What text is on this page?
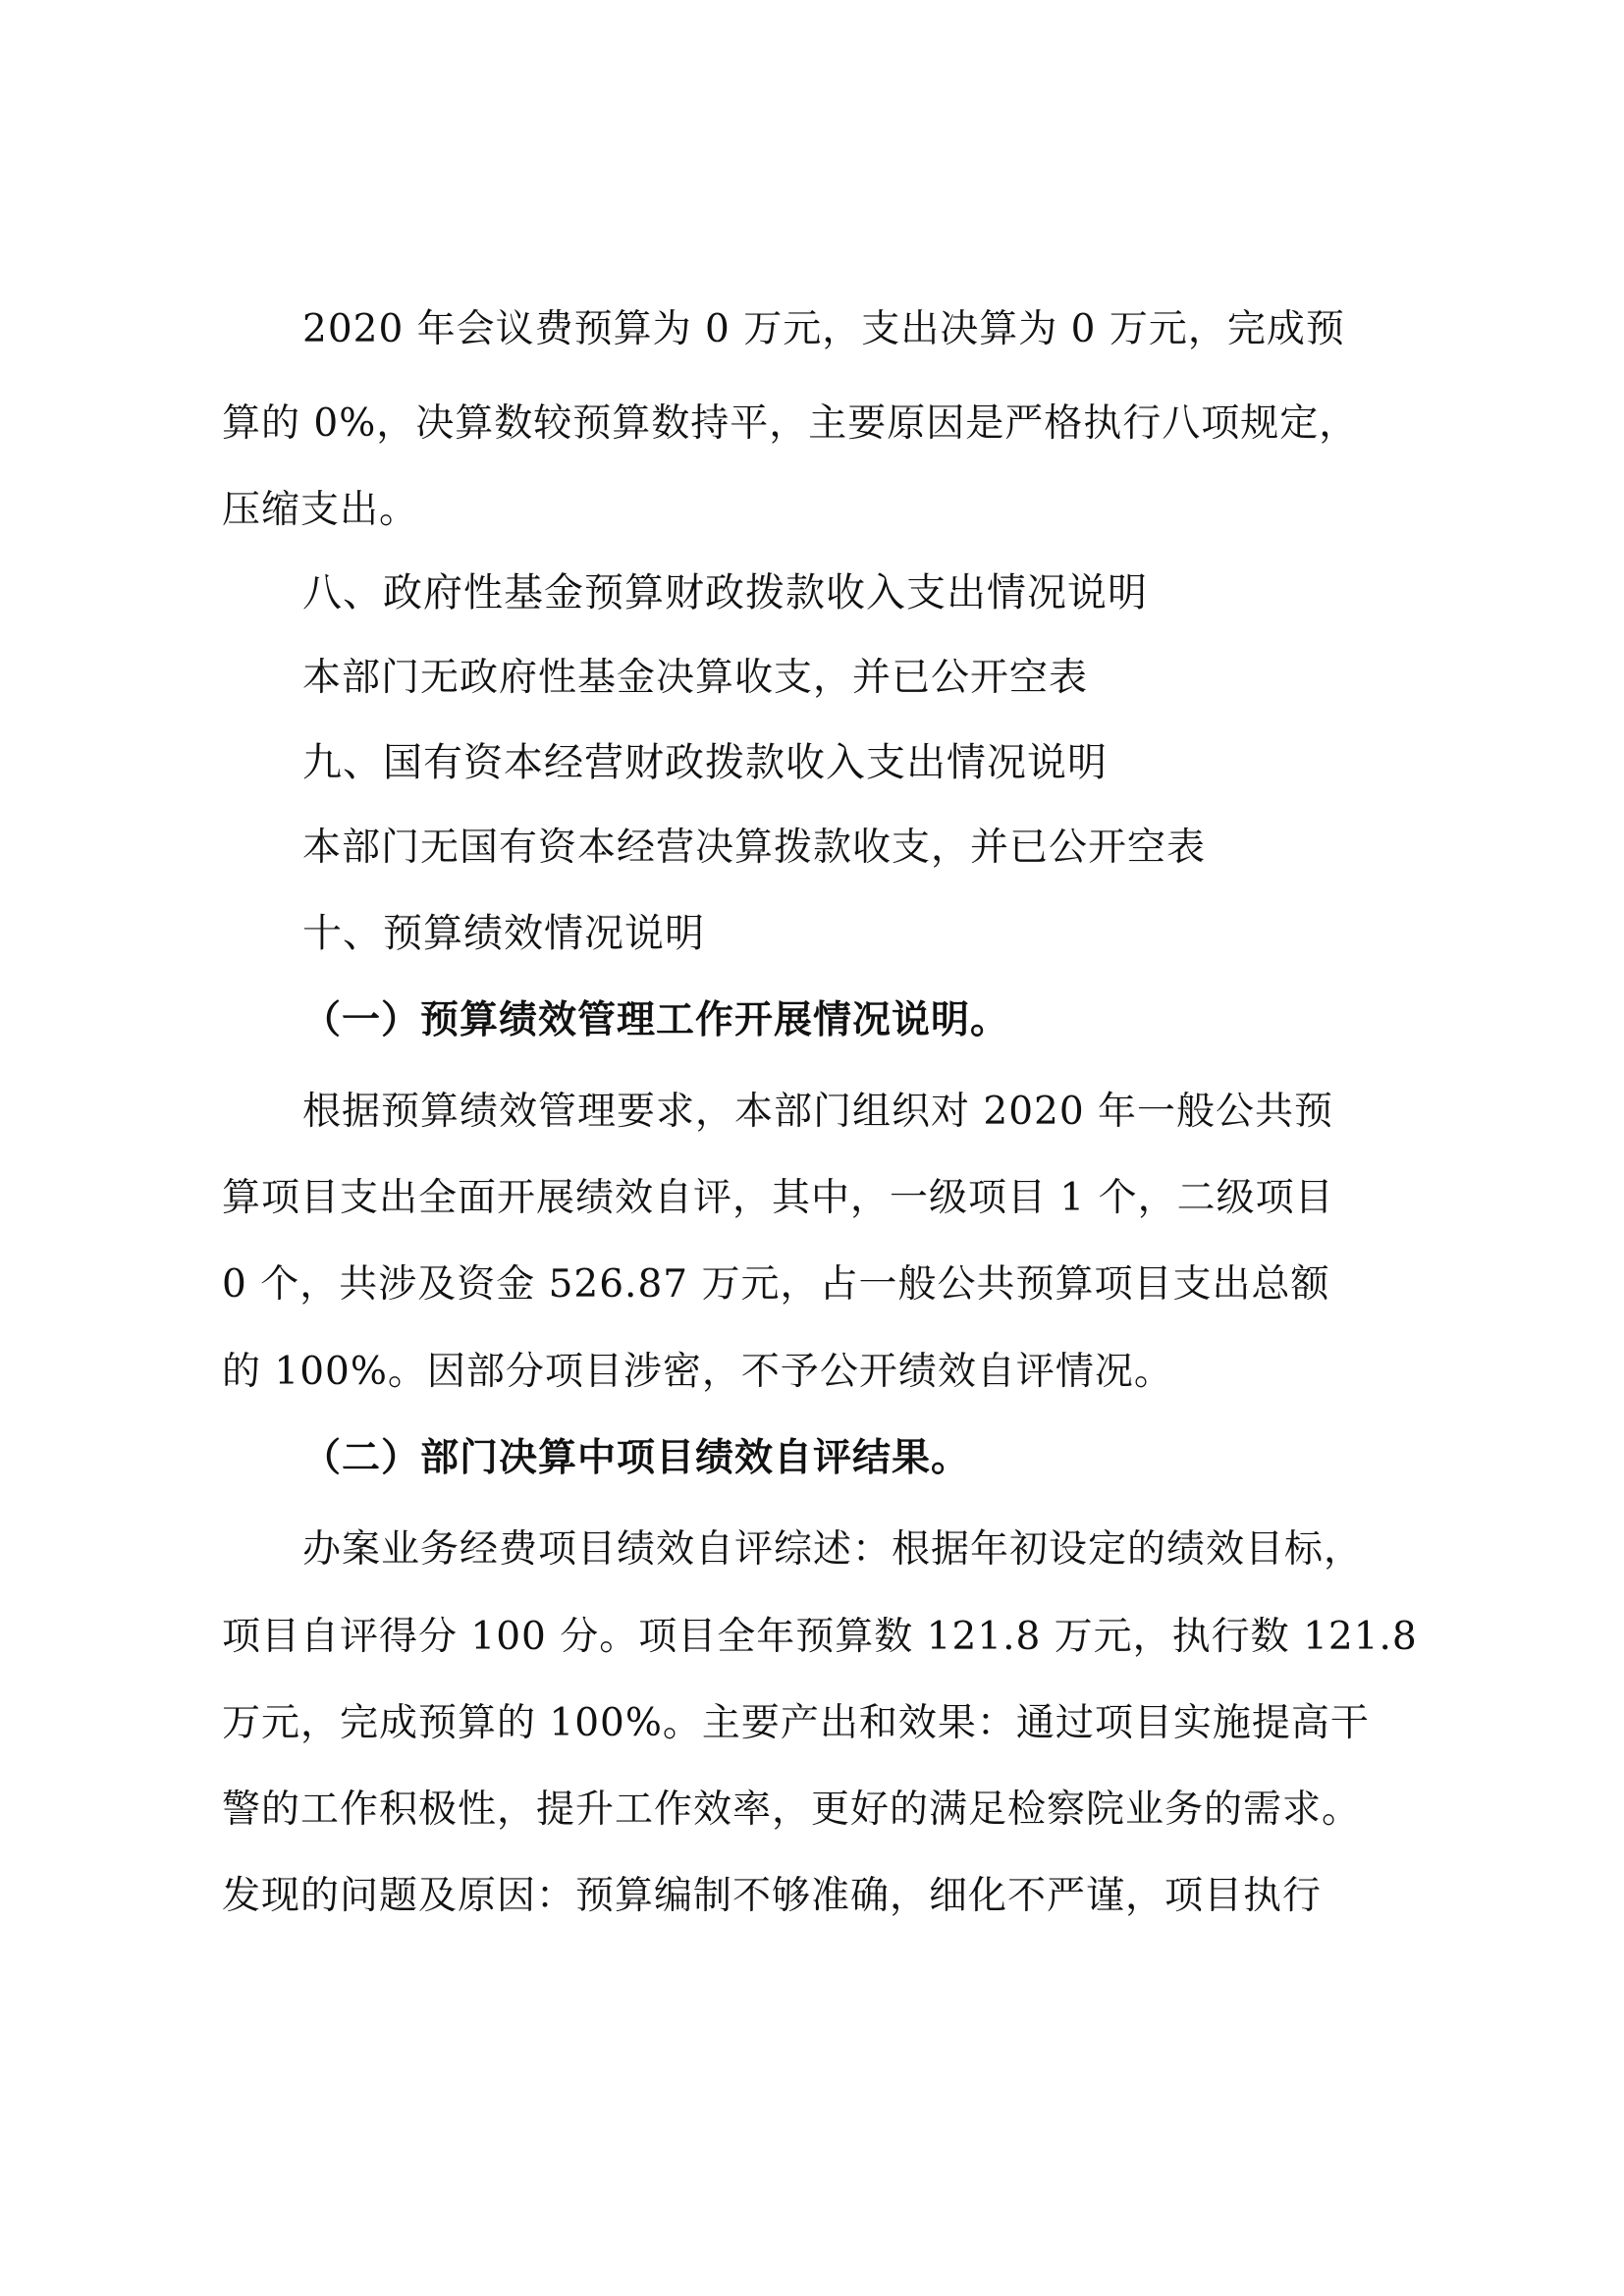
2020 年会议费预算为 0 万元，支出决算为 0 万元，完成预
算的 0%，决算数较预算数持平，主要原因是严格执行八项规定，
压缩支出。
八、政府性基金预算财政拨款收入支出情况说明
本部门无政府性基金决算收支，并已公开空表
九、国有资本经营财政拨款收入支出情况说明
本部门无国有资本经营决算拨款收支，并已公开空表
十、预算绩效情况说明
（一）预算绩效管理工作开展情况说明。
根据预算绩效管理要求，本部门组织对 2020 年一般公共预
算项目支出全面开展绩效自评，其中，一级项目 1 个，二级项目
0 个，共涉及资金 526.87 万元，占一般公共预算项目支出总额
的 100%。因部分项目涉密，不予公开绩效自评情况。
（二）部门决算中项目绩效自评结果。
办案业务经费项目绩效自评综述：根据年初设定的绩效目标，
项目自评得分 100 分。项目全年预算数 121.8 万元，执行数 121.8
万元，完成预算的 100%。主要产出和效果：通过项目实施提高干
警的工作积极性，提升工作效率，更好的满足检察院业务的需求。
发现的问题及原因：预算编制不够准确，细化不严谨，项目执行
